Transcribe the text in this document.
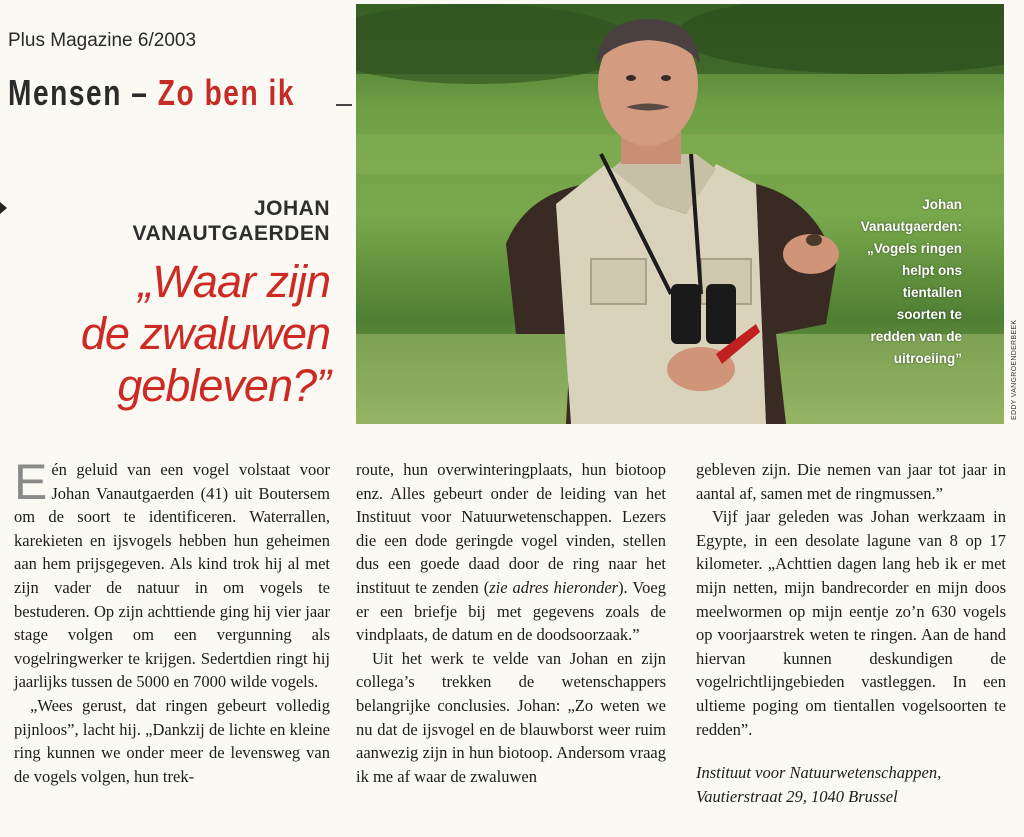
Plus Magazine 6/2003
Mensen – Zo ben ik
JOHAN
VANAUTGAERDEN
„Waar zijn
de zwaluwen
gebleven?”
Johan
Vanautgaerden:
„Vogels ringen
helpt ons
tientallen
soorten te
redden van de
uitroeiing”	EDDY VANGROENDERBEEK

Eén geluid van een vogel volstaat voor Johan Vanautgaerden (41) uit Boutersem om de soort te identificeren. Waterrallen, karekieten en ijsvogels hebben hun geheimen aan hem prijsgegeven. Als kind trok hij al met zijn vader de natuur in om vogels te bestuderen. Op zijn achttiende ging hij vier jaar stage volgen om een vergunning als vogelringwerker te krijgen. Sedertdien ringt hij jaarlijks tussen de 5000 en 7000 wilde vogels.

„Wees gerust, dat ringen gebeurt volledig pijnloos”, lacht hij. „Dankzij de lichte en kleine ring kunnen we onder meer de levensweg van de vogels volgen, hun trek-

route, hun overwinteringplaats, hun biotoop enz. Alles gebeurt onder de leiding van het Instituut voor Natuurwetenschappen. Lezers die een dode geringde vogel vinden, stellen dus een goede daad door de ring naar het instituut te zenden (zie adres hieronder). Voeg er een briefje bij met gegevens zoals de vindplaats, de datum en de doodsoorzaak.”

Uit het werk te velde van Johan en zijn collega’s trekken de wetenschappers belangrijke conclusies. Johan: „Zo weten we nu dat de ijsvogel en de blauwborst weer ruim aanwezig zijn in hun biotoop. Andersom vraag ik me af waar de zwaluwen

gebleven zijn. Die nemen van jaar tot jaar in aantal af, samen met de ringmussen.”

Vijf jaar geleden was Johan werkzaam in Egypte, in een desolate lagune van 8 op 17 kilometer. „Achttien dagen lang heb ik er met mijn netten, mijn bandrecorder en mijn doos meelwormen op mijn eentje zo’n 630 vogels op voorjaarstrek weten te ringen. Aan de hand hiervan kunnen deskundigen de vogelrichtlijngebieden vastleggen. In een ultieme poging om tientallen vogelsoorten te redden”.

Instituut voor Natuurwetenschappen,
Vautierstraat 29, 1040 Brussel
